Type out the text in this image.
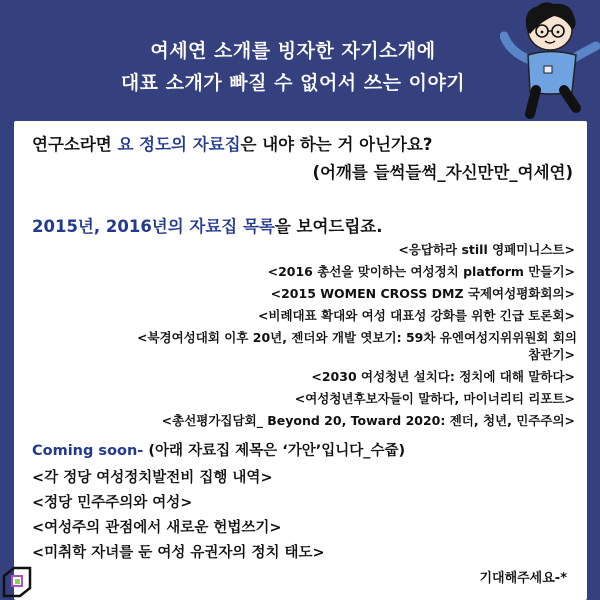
여세연 소개를 빙자한 자기소개에
대표 소개가 빠질 수 없어서 쓰는 이야기
연구소라면 요 정도의 자료집은 내야 하는 거 아닌가요?
(어깨를 들썩들썩_자신만만_여세연)
2015년, 2016년의 자료집 목록을 보여드립죠.
<응답하라 still 영페미니스트>
<2016 총선을 맞이하는 여성정치 platform 만들기>
<2015 WOMEN CROSS DMZ 국제여성평화회의>
<비례대표 확대와 여성 대표성 강화를 위한 긴급 토론회>
<북경여성대회 이후 20년, 젠더와 개발 엿보기: 59차 유엔여성지위위원회 회의
참관기>
<2030 여성청년 설치다: 정치에 대해 말하다>
<여성청년후보자들이 말하다, 마이너리티 리포트>
<총선평가집담회_ Beyond 20, Toward 2020: 젠더, 청년, 민주주의>
Coming soon- (아래 자료집 제목은 ‘가안’입니다_수줍)
<각 정당 여성정치발전비 집행 내역>
<정당 민주주의와 여성>
<여성주의 관점에서 새로운 헌법쓰기>
<미취학 자녀를 둔 여성 유권자의 정치 태도>
기대해주세요-*
